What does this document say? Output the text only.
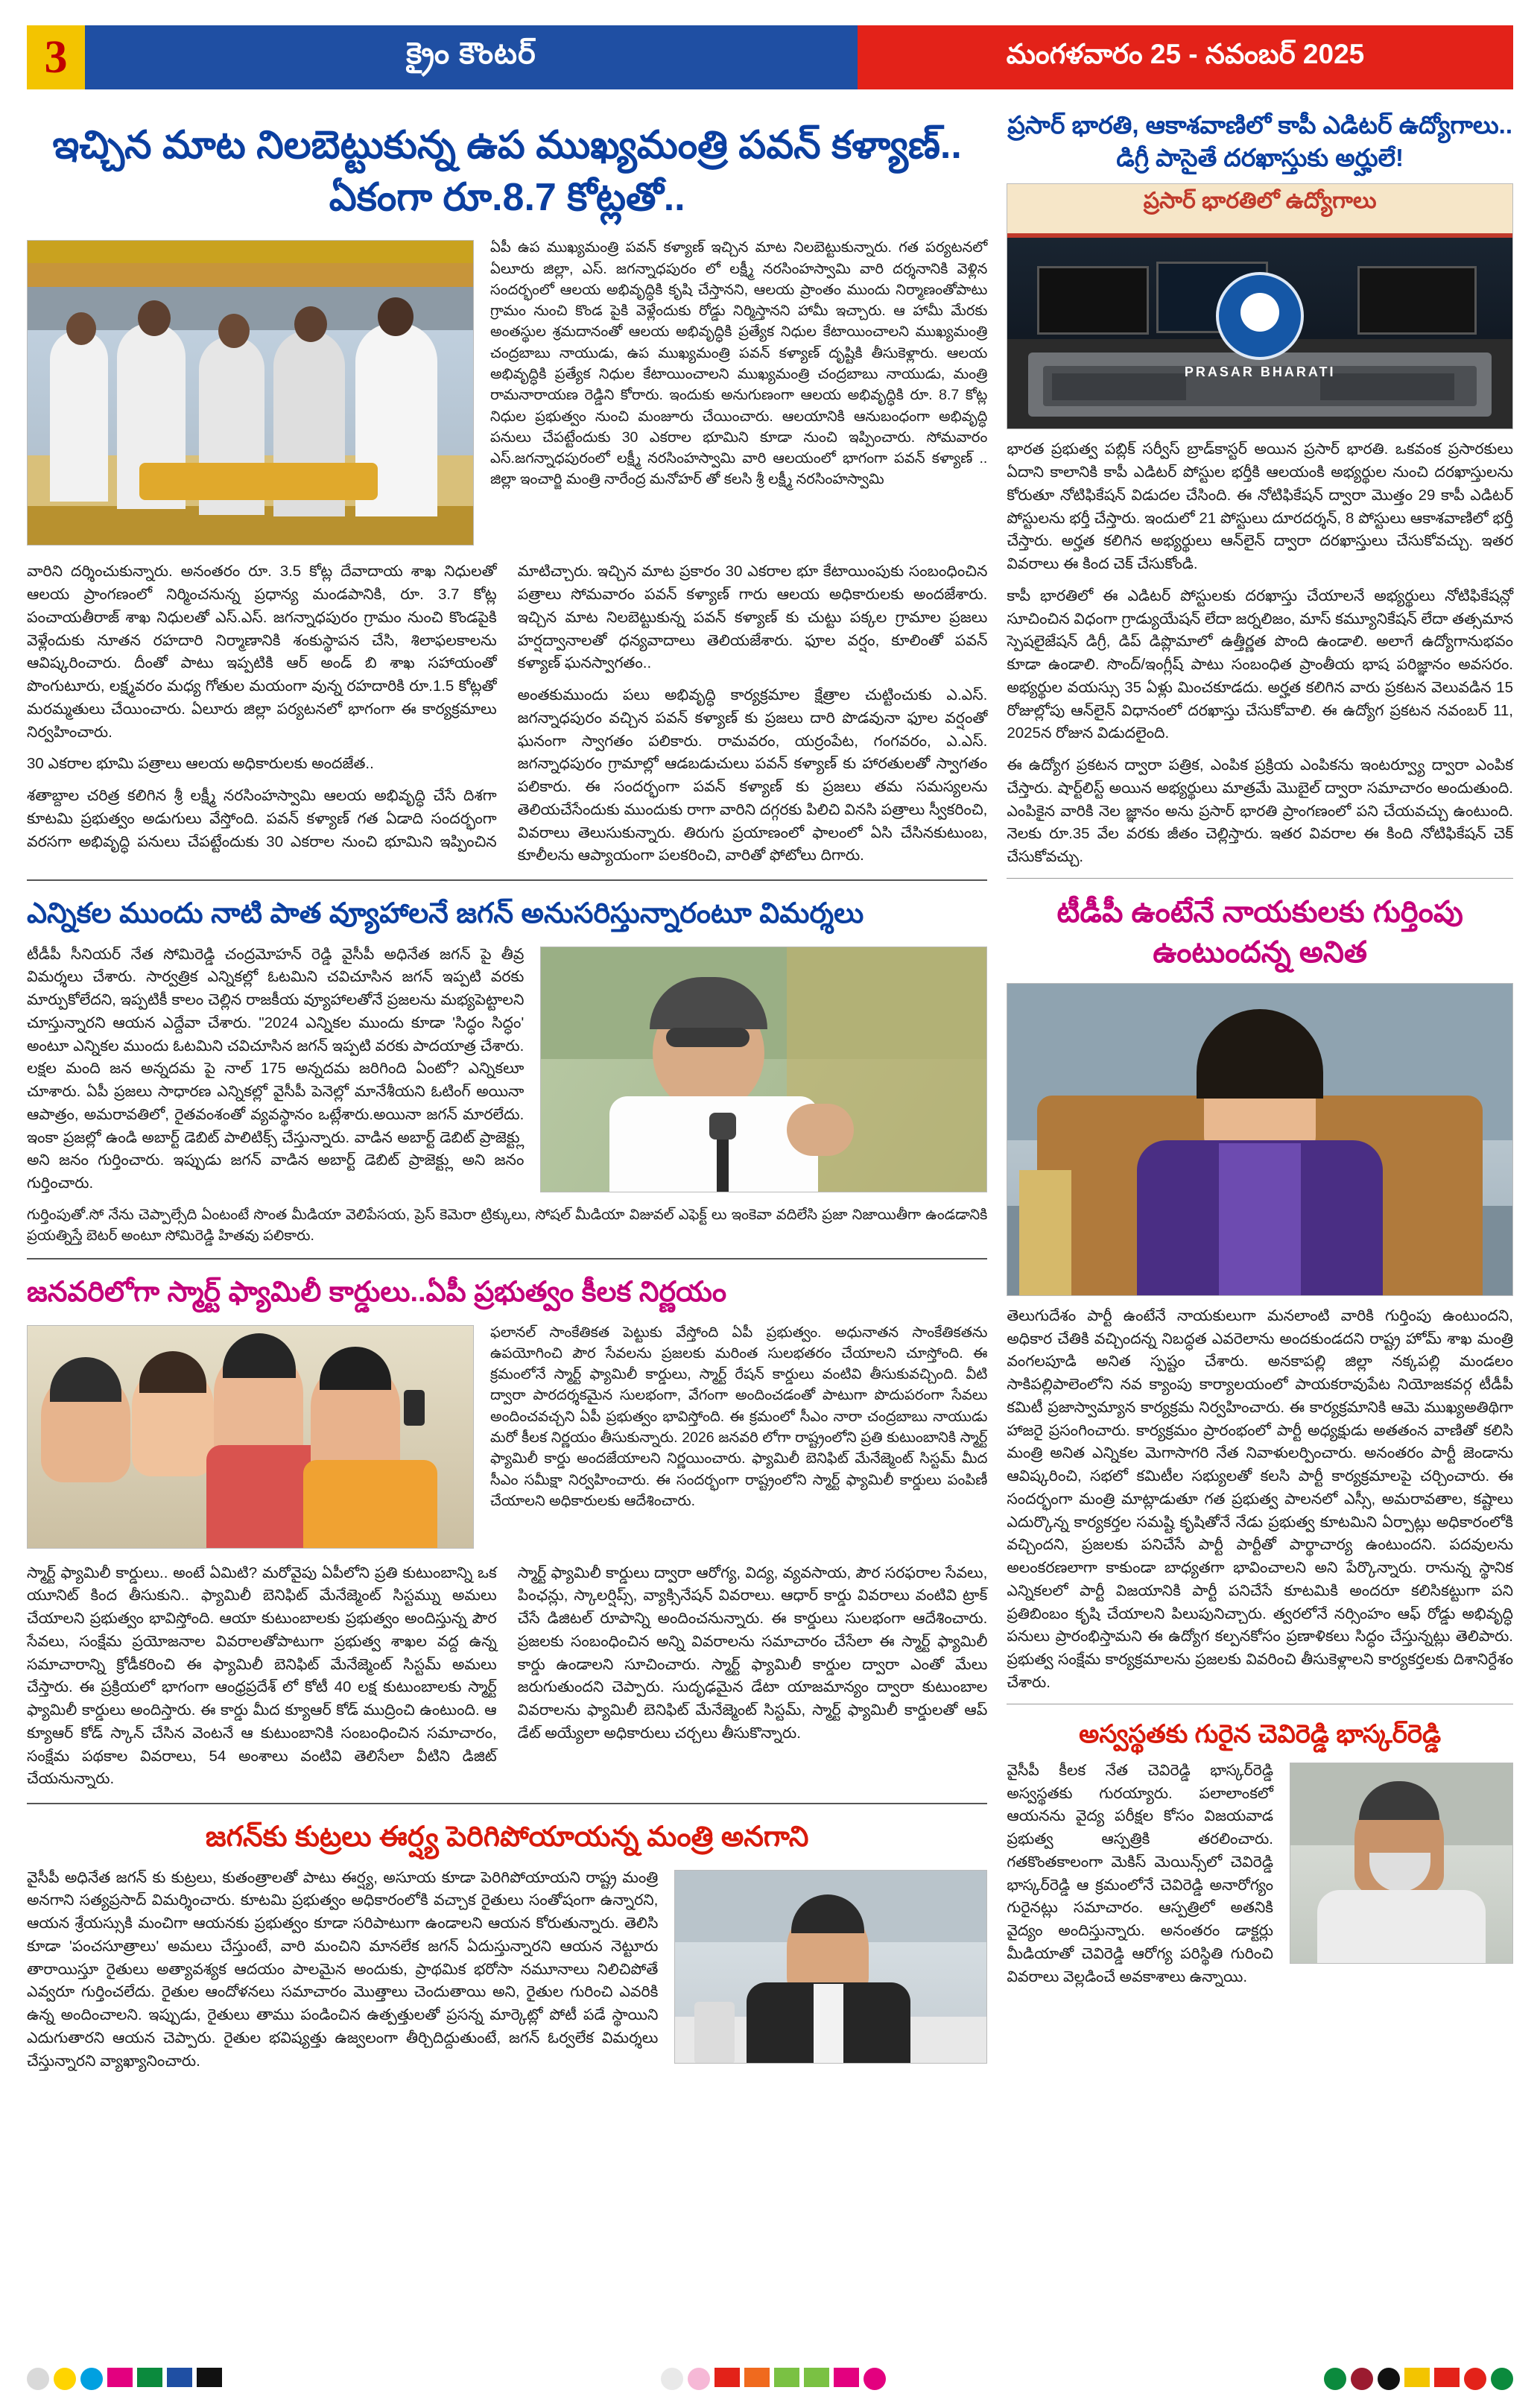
3	క్రైం కౌంటర్	మంగళవారం 25 - నవంబర్ 2025
ఇచ్చిన మాట నిలబెట్టుకున్న ఉప ముఖ్యమంత్రి పవన్ కళ్యాణ్.. ఏకంగా రూ.8.7 కోట్లతో..

ఏపీ ఉప ముఖ్యమంత్రి పవన్ కళ్యాణ్ ఇచ్చిన మాట నిలబెట్టుకున్నారు. గత పర్యటనలో ఏలూరు జిల్లా, ఎస్. జగన్నాధపురం లో లక్ష్మీ నరసింహస్వామి వారి దర్శనానికి వెళ్లిన సందర్భంలో ఆలయ అభివృద్ధికి కృషి చేస్తానని, ఆలయ ప్రాంతం ముందు నిర్మాణంతోపాటు గ్రామం నుంచి కొండ పైకి వెళ్లేందుకు రోడ్డు నిర్మిస్తానని హామీ ఇచ్చారు. ఆ హామీ మేరకు అంతస్థుల శ్రమదానంతో ఆలయ అభివృద్ధికి ప్రత్యేక నిధుల కేటాయించాలని ముఖ్యమంత్రి చంద్రబాబు నాయుడు, ఉప ముఖ్యమంత్రి పవన్ కళ్యాణ్ దృష్టికి తీసుకెళ్లారు. ఆలయ అభివృద్ధికి ప్రత్యేక నిధుల కేటాయించాలని ముఖ్యమంత్రి చంద్రబాబు నాయుడు, మంత్రి రామనారాయణ రెడ్డిని కోరారు. ఇందుకు అనుగుణంగా ఆలయ అభివృద్ధికి రూ. 8.7 కోట్ల నిధుల ప్రభుత్వం నుంచి మంజూరు చేయించారు. ఆలయానికి ఆనుబంధంగా అభివృద్ధి పనులు చేపట్టేందుకు 30 ఎకరాల భూమిని కూడా నుంచి ఇప్పించారు. సోమవారం ఎస్.జగన్నాధపురంలో లక్ష్మీ నరసింహస్వామి వారి ఆలయంలో భాగంగా పవన్ కళ్యాణ్ .. జిల్లా ఇంచార్జి మంత్రి నారేంద్ర మనోహర్ తో కలసి శ్రీ లక్ష్మీ నరసింహస్వామి

వారిని దర్శించుకున్నారు. అనంతరం రూ. 3.5 కోట్ల దేవాదాయ శాఖ నిధులతో ఆలయ ప్రాంగణంలో నిర్మించనున్న ప్రధాన్య మండపానికి, రూ. 3.7 కోట్ల పంచాయతీరాజ్ శాఖ నిధులతో ఎస్.ఎస్. జగన్నాధపురం గ్రామం నుంచి కొండపైకి వెళ్లేందుకు నూతన రహదారి నిర్మాణానికి శంకుస్థాపన చేసి, శిలాఫలకాలను ఆవిష్కరించారు. దీంతో పాటు ఇప్పటికి ఆర్ అండ్ బి శాఖ సహాయంతో పొంగుటూరు, లక్ష్మవరం మధ్య గోతుల మయంగా వున్న రహదారికి రూ.1.5 కోట్లతో మరమ్మతులు చేయించారు. ఏలూరు జిల్లా పర్యటనలో భాగంగా ఈ కార్యక్రమాలు నిర్వహించారు.

30 ఎకరాల భూమి పత్రాలు ఆలయ అధికారులకు అందజేత..

శతాబ్దాల చరిత్ర కలిగిన శ్రీ లక్ష్మీ నరసింహస్వామి ఆలయ అభివృద్ధి చేసే దిశగా కూటమి ప్రభుత్వం అడుగులు వేస్తోంది. పవన్ కళ్యాణ్ గత ఏడాది సందర్భంగా వరసగా అభివృద్ధి పనులు చేపట్టేందుకు 30 ఎకరాల నుంచి భూమిని ఇప్పించిన మాటిచ్చారు. ఇచ్చిన మాట ప్రకారం 30 ఎకరాల భూ కేటాయింపుకు సంబంధించిన పత్రాలు సోమవారం పవన్ కళ్యాణ్ గారు ఆలయ అధికారులకు అందజేశారు. ఇచ్చిన మాట నిలబెట్టుకున్న పవన్ కళ్యాణ్ కు చుట్టు పక్కల గ్రామాల ప్రజలు హర్షద్వానాలతో ధన్యవాదాలు తెలియజేశారు. ఫూల వర్షం, కూలింతో పవన్ కళ్యాణ్ ఘనస్వాగతం..

అంతకుముందు పలు అభివృద్ధి కార్యక్రమాల క్షేత్రాల చుట్టించుకు ఎ.ఎస్. జగన్నాధపురం వచ్చిన పవన్ కళ్యాణ్ కు ప్రజలు దారి పొడవునా ఫూల వర్షంతో ఘనంగా స్వాగతం పలికారు. రామవరం, యర్రంపేట, గంగవరం, ఎ.ఎస్. జగన్నాధపురం గ్రామాల్లో ఆడబడుచులు పవన్ కళ్యాణ్ కు హారతులతో స్వాగతం పలికారు. ఈ సందర్భంగా పవన్ కళ్యాణ్ కు ప్రజలు తమ సమస్యలను తెలియచేసేందుకు ముందుకు రాగా వారిని దగ్గరకు పిలిచి వినసి పత్రాలు స్వీకరించి, వివరాలు తెలుసుకున్నారు. తిరుగు ప్రయాణంలో ఫాలంలో ఏసి చేసినకుటుంబ, కూలీలను ఆప్యాయంగా పలకరించి, వారితో ఫోటోలు దిగారు.

ఎన్నికల ముందు నాటి పాత వ్యూహాలనే జగన్ అనుసరిస్తున్నారంటూ విమర్శలు

టీడీపీ సీనియర్ నేత సోమిరెడ్డి చంద్రమోహన్ రెడ్డి వైసీపీ అధినేత జగన్ పై తీవ్ర విమర్శలు చేశారు. సార్వత్రిక ఎన్నికల్లో ఓటమిని చవిచూసిన జగన్ ఇప్పటి వరకు మార్పుకోలేదని, ఇప్పటికీ కాలం చెల్లిన రాజకీయ వ్యూహాలతోనే ప్రజలను మభ్యపెట్టాలని చూస్తున్నారని ఆయన ఎద్దేవా చేశారు. "2024 ఎన్నికల ముందు కూడా 'సిద్ధం సిద్ధం' అంటూ ఎన్నికల ముందు ఓటమిని చవిచూసిన జగన్ ఇప్పటి వరకు పాదయాత్ర చేశారు. లక్షల మంది జన అన్నదమ పై నాల్ 175 అన్నదమ జరిగింది ఏంటో? ఎన్నికలూ చూశారు. ఏపీ ప్రజలు సాధారణ ఎన్నికల్లో వైసీపీ పెనెల్లో మానేశీయని ఓటింగ్ అయినా ఆపాత్రం, అమరావతిలో, రైతవంశంతో వ్యవస్థానం ఒట్లేశారు.అయినా జగన్ మారలేదు. ఇంకా ప్రజల్లో ఉండి అబార్ట్ డెబిట్ పాలిటిక్స్ చేస్తున్నారు. వాడిన అబార్ట్ డెబిట్ ప్రాజెక్ట్లు అని జనం గుర్తించారు. ఇప్పుడు జగన్ వాడిన అబార్ట్ డెబిట్ ప్రాజెక్ట్లు అని జనం గుర్తించారు.

గుర్తింపుతో.సో నేను చెప్పాల్సేది ఏంటంటే సొంత మీడియా వెలిపేసయ, ప్రెస్ కెమెరా ట్రిక్కులు, సోషల్ మీడియా విజువల్ ఎఫెక్ట్ లు ఇంకెవా వదిలేసి ప్రజా నిజాయితీగా ఉండడానికి ప్రయత్నిస్తే బెటర్ అంటూ సోమిరెడ్డి హితవు పలికారు.

జనవరిలోగా స్మార్ట్ ఫ్యామిలీ కార్డులు..ఏపీ ప్రభుత్వం కీలక నిర్ణయం

ఫలానల్ సాంకేతికత పెట్టుకు వేస్తోంది ఏపీ ప్రభుత్వం. అధునాతన సాంకేతికతను ఉపయోగించి పౌర సేవలను ప్రజలకు మరింత సులభతరం చేయాలని చూస్తోంది. ఈ క్రమంలోనే స్మార్ట్ ఫ్యామిలీ కార్డులు, స్మార్ట్ రేషన్ కార్డులు వంటివి తీసుకువచ్చింది. వీటి ద్వారా పారదర్శకమైన సులభంగా, వేగంగా అందించడంతో పాటుగా పొదుపరంగా సేవలు అందించవచ్చని ఏపీ ప్రభుత్వం భావిస్తోంది. ఈ క్రమంలో సీఎం నారా చంద్రబాబు నాయుడు మరో కీలక నిర్ణయం తీసుకున్నారు. 2026 జనవరి లోగా రాష్ట్రంలోని ప్రతి కుటుంబానికి స్మార్ట్ ఫ్యామిలీ కార్డు అందజేయాలని నిర్ణయించారు. ఫ్యామిలీ బెనిఫిట్ మేనేజ్మెంట్ సిస్టమ్ మీద సీఎం సమీక్షా నిర్వహించారు. ఈ సందర్భంగా రాష్ట్రంలోని స్మార్ట్ ఫ్యామిలీ కార్డులు పంపిణీ చేయాలని అధికారులకు ఆదేశించారు.

స్మార్ట్ ఫ్యామిలీ కార్డులు.. అంటే ఏమిటి? మరోవైపు ఏపీలోని ప్రతి కుటుంబాన్ని ఒక యూనిట్ కింద తీసుకుని.. ఫ్యామిలీ బెనిఫిట్ మేనేజ్మెంట్ సిస్టమ్ను అమలు చేయాలని ప్రభుత్వం భావిస్తోంది. ఆయా కుటుంబాలకు ప్రభుత్వం అందిస్తున్న పౌర సేవలు, సంక్షేమ ప్రయోజనాల వివరాలతోపాటుగా ప్రభుత్వ శాఖల వద్ద ఉన్న సమాచారాన్ని క్రోడీకరించి ఈ ఫ్యామిలీ బెనిఫిట్ మేనేజ్మెంట్ సిస్టమ్ అమలు చేస్తారు. ఈ ప్రక్రియలో భాగంగా ఆంధ్రప్రదేశ్ లో కోటీ 40 లక్ష కుటుంబాలకు స్మార్ట్ ఫ్యామిలీ కార్డులు అందిస్తారు. ఈ కార్డు మీద క్యూఆర్ కోడ్ ముద్రించి ఉంటుంది. ఆ క్యూఆర్ కోడ్ స్కాన్ చేసిన వెంటనే ఆ కుటుంబానికి సంబంధించిన సమాచారం, సంక్షేమ పథకాల వివరాలు, 54 అంశాలు వంటివి తెలిసేలా వీటిని డిజిట్ చేయనున్నారు.

స్మార్ట్ ఫ్యామిలీ కార్డులు ద్వారా ఆరోగ్య, విద్య, వ్యవసాయ, పౌర సరఫరాల సేవలు, పింఛన్లు, స్కాలర్షిప్స్, వ్యాక్సినేషన్ వివరాలు. ఆధార్ కార్డు వివరాలు వంటివి ట్రాక్ చేసే డిజిటల్ రూపాన్ని అందించనున్నారు. ఈ కార్డులు సులభంగా ఆదేశించారు. ప్రజలకు సంబంధించిన అన్ని వివరాలను సమాచారం చేసేలా ఈ స్మార్ట్ ఫ్యామిలీ కార్డు ఉండాలని సూచించారు. స్మార్ట్ ఫ్యామిలీ కార్డుల ద్వారా ఎంతో మేలు జరుగుతుందని చెప్పారు. సుదృఢమైన డేటా యాజమాన్యం ద్వారా కుటుంబాల వివరాలను ఫ్యామిలీ బెనిఫిట్ మేనేజ్మెంట్ సిస్టమ్, స్మార్ట్ ఫ్యామిలీ కార్డులతో ఆప్ డేట్ అయ్యేలా అధికారులు చర్చలు తీసుకొన్నారు.

జగన్‌కు కుట్రలు ఈర్ష్య పెరిగిపోయాయన్న మంత్రి అనగాని

వైసీపీ అధినేత జగన్ కు కుట్రలు, కుతంత్రాలతో పాటు ఈర్ష్య, అసూయ కూడా పెరిగిపోయాయని రాష్ట్ర మంత్రి అనగాని సత్యప్రసాద్ విమర్శించారు. కూటమి ప్రభుత్వం అధికారంలోకి వచ్చాక రైతులు సంతోషంగా ఉన్నారని, ఆయన శ్రేయస్సుకి మంచిగా ఆయనకు ప్రభుత్వం కూడా సరిపాటుగా ఉండాలని ఆయన కోరుతున్నారు. తెలిసి కూడా 'పంచసూత్రాలు' అమలు చేస్తుంటే, వారి మంచిని మానలేక జగన్ ఏదుస్తున్నారని ఆయన నెట్టూరు తారాయిస్తూ రైతులు అత్యావశ్యక ఆదయం పాలమైన అందుకు, ప్రాథమిక భరోసా నమూనాలు నిలిచిపోతే ఎవ్వరూ గుర్తించలేదు. రైతుల ఆందోళనలు సమాచారం మొత్తాలు చెందుతాయి అని, రైతుల గురించి ఎవరికి ఉన్న అందించాలని. ఇప్పుడు, రైతులు తాము పండించిన ఉత్పత్తులతో ప్రసన్న మార్కెట్లో పోటీ పడే స్థాయిని ఎదుగుతారని ఆయన చెప్పారు. రైతుల భవిష్యత్తు ఉజ్వలంగా తీర్చిదిద్దుతుంటే, జగన్ ఓర్వలేక విమర్శలు చేస్తున్నారని వ్యాఖ్యానించారు.

ప్రసార్ భారతి, ఆకాశవాణిలో కాపీ ఎడిటర్ ఉద్యోగాలు.. డిగ్రీ పాసైతే దరఖాస్తుకు అర్హులే!
ప్రసార్ భారతిలో ఉద్యోగాలు
PRASAR BHARATI

భారత ప్రభుత్వ పబ్లిక్ సర్వీస్ బ్రాడ్‌కాస్టర్ అయిన ప్రసార్ భారతి. ఒకవంక ప్రసారకులు ఏదాని కాలానికి కాపీ ఎడిటర్ పోస్టుల భర్తీకి ఆలయంకి అభ్యర్థుల నుంచి దరఖాస్తులను కోరుతూ నోటిఫికేషన్ విడుదల చేసింది. ఈ నోటిఫికేషన్ ద్వారా మొత్తం 29 కాపీ ఎడిటర్ పోస్టులను భర్తీ చేస్తారు. ఇందులో 21 పోస్టులు దూరదర్శన్, 8 పోస్టులు ఆకాశవాణిలో భర్తీ చేస్తారు. అర్హత కలిగిన అభ్యర్థులు ఆన్‌లైన్ ద్వారా దరఖాస్తులు చేసుకోవచ్చు. ఇతర వివరాలు ఈ కింద చెక్ చేసుకోండి.

కాపీ భారతిలో ఈ ఎడిటర్ పోస్టులకు దరఖాస్తు చేయాలనే అభ్యర్థులు నోటిఫికేషన్లో సూచించిన విధంగా గ్రాడ్యుయేషన్ లేదా జర్నలిజం, మాస్ కమ్యూనికేషన్ లేదా తత్సమాన స్పెషలైజేషన్ డిగ్రీ, డిప్ డిప్లొమాలో ఉత్తీర్ణత పొంది ఉండాలి. అలాగే ఉద్యోగానుభవం కూడా ఉండాలి. సొంద్/ఇంగ్లీష్ పాటు సంబంధిత ప్రాంతీయ భాష పరిజ్ఞానం అవసరం. అభ్యర్థుల వయస్సు 35 ఏళ్లు మించకూడదు. అర్హత కలిగిన వారు ప్రకటన వెలువడిన 15 రోజుల్లోపు ఆన్‌లైన్ విధానంలో దరఖాస్తు చేసుకోవాలి. ఈ ఉద్యోగ ప్రకటన నవంబర్ 11, 2025న రోజున విడుదలైంది.

ఈ ఉద్యోగ ప్రకటన ద్వారా పత్రిక, ఎంపిక ప్రక్రియ ఎంపికను ఇంటర్వ్యూ ద్వారా ఎంపిక చేస్తారు. షార్ట్‌లిస్ట్ అయిన అభ్యర్థులు మాత్రమే మొబైల్ ద్వారా సమాచారం అందుతుంది. ఎంపికైన వారికి నెల జ్ఞానం అను ప్రసార్ భారతి ప్రాంగణంలో పని చేయవచ్చు ఉంటుంది. నెలకు రూ.35 వేల వరకు జీతం చెల్లిస్తారు. ఇతర వివరాల ఈ కింది నోటిఫికేషన్ చెక్ చేసుకోవచ్చు.

టీడీపీ ఉంటేనే నాయకులకు గుర్తింపు ఉంటుందన్న అనిత

తెలుగుదేశం పార్టీ ఉంటేనే నాయకులుగా మనలాంటి వారికి గుర్తింపు ఉంటుందని, అధికార చేతికి వచ్చిందన్న నిబద్ధత ఎవరెలాను అందకుండదని రాష్ట్ర హోమ్ శాఖ మంత్రి వంగలపూడి అనిత స్పష్టం చేశారు. అనకాపల్లి జిల్లా నక్కపల్లి మండలం సాకిపల్లిపాలెంలోని నవ క్యాంపు కార్యాలయంలో పాయకరావుపేట నియోజకవర్గ టీడీపీ కమిటీ ప్రజాస్వామ్యాన కార్యక్రమ నిర్వహించారు. ఈ కార్యక్రమానికి ఆమె ముఖ్యఅతిథిగా హాజరై ప్రసంగించారు. కార్యక్రమం ప్రారంభంలో పార్టీ అధ్యక్షుడు అతతంన వాణితో కలిసి మంత్రి అనిత ఎన్నికల మెగాసాగరి నేత నివాళులర్పించారు. అనంతరం పార్టీ జెండాను ఆవిష్కరించి, సభలో కమిటీల సభ్యులతో కలసి పార్టీ కార్యక్రమాలపై చర్చించారు. ఈ సందర్భంగా మంత్రి మాట్లాడుతూ గత ప్రభుత్వ పాలనలో ఎస్సీ, అమరావతాల, కష్టాలు ఎదుర్కొన్న కార్యకర్తల సమష్టి కృషితోనే నేడు ప్రభుత్వ కూటమిని ఏర్పాట్లు అధికారంలోకి వచ్చిందని, ప్రజలకు పనిచేసే పార్టీ పార్టీతో పార్థాచార్య ఉంటుందని. పదవులను అలంకరణలాగా కాకుండా బాధ్యతగా భావించాలని అని పేర్కొన్నారు. రానున్న స్థానిక ఎన్నికలలో పార్టీ విజయానికి పార్టీ పనిచేసే కూటమికి అందరూ కలిసికట్టుగా పని ప్రతిబింబం కృషి చేయాలని పిలుపునిచ్చారు. త్వరలోనే నర్సింహం ఆఫ్ రోడ్డు అభివృద్ధి పనులు ప్రారంభిస్తామని ఈ ఉద్యోగ కల్పనకోసం ప్రణాళికలు సిద్ధం చేస్తున్నట్లు తెలిపారు. ప్రభుత్వ సంక్షేమ కార్యక్రమాలను ప్రజలకు వివరించి తీసుకెళ్లాలని కార్యకర్తలకు దిశానిర్దేశం చేశారు.

అస్వస్థతకు గురైన చెవిరెడ్డి భాస్కర్‌రెడ్డి

వైసీపీ కీలక నేత చెవిరెడ్డి భాస్కర్‌రెడ్డి అస్వస్థతకు గురయ్యారు. పలాలాంకలో ఆయనను వైద్య పరీక్షల కోసం విజయవాడ ప్రభుత్వ ఆస్పత్రికి తరలించారు. గతకొంతకాలంగా మెకిస్ మెయిన్స్‌లో చెవిరెడ్డి భాస్కర్‌రెడ్డి ఆ క్రమంలోనే చెవిరెడ్డి అనారోగ్యం గురైనట్లు సమాచారం. ఆస్పత్రిలో అతనికి వైద్యం అందిస్తున్నారు. అనంతరం డాక్టర్లు మీడియాతో చెవిరెడ్డి ఆరోగ్య పరిస్థితి గురించి వివరాలు వెల్లడించే అవకాశాలు ఉన్నాయి.
